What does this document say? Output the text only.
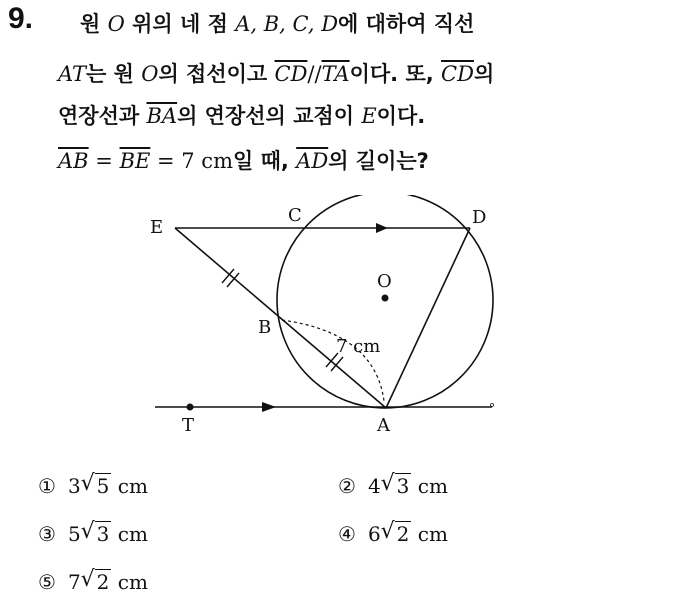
9. 원 O 위의 네 점 A, B, C, D에 대하여 직선
AT는 원 O의 접선이고 $\overline{CD}//\overline{TA}$이다. 또, $\overline{CD}$의
연장선과 $\overline{BA}$의 연장선의 교점이 E이다.
$\overline{AB} = \overline{BE} = 7$ cm일 때, $\overline{AD}$의 길이는?
E
C	D
O
B
7 cm
T	A
① 3 √ 5 cm	② 4 √ 3 cm
③ 5 √ 3 cm	④ 6 √ 2 cm
⑤ 7 √ 2 cm
